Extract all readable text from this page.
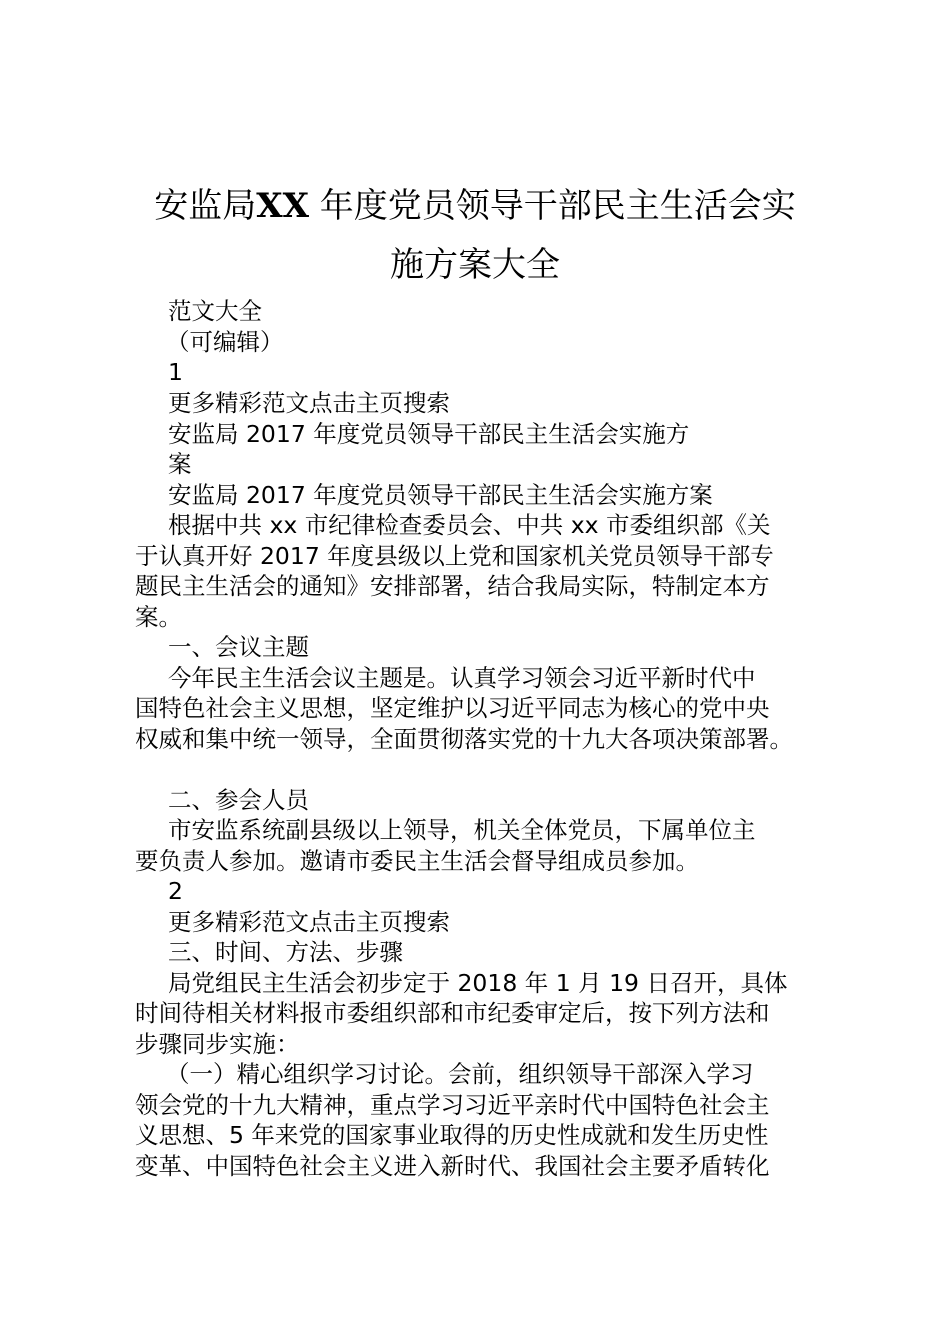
安监局XX 年度党员领导干部民主生活会实
施方案大全
范文大全
（可编辑）
1
更多精彩范文点击主页搜索
安监局 2017 年度党员领导干部民主生活会实施方
案
安监局 2017 年度党员领导干部民主生活会实施方案
根据中共 xx 市纪律检查委员会、中共 xx 市委组织部《关
于认真开好 2017 年度县级以上党和国家机关党员领导干部专
题民主生活会的通知》安排部署，结合我局实际，特制定本方
案。
一、会议主题
今年民主生活会议主题是。认真学习领会习近平新时代中
国特色社会主义思想，坚定维护以习近平同志为核心的党中央
权威和集中统一领导，全面贯彻落实党的十九大各项决策部署。
二、参会人员
市安监系统副县级以上领导，机关全体党员，下属单位主
要负责人参加。邀请市委民主生活会督导组成员参加。
2
更多精彩范文点击主页搜索
三、时间、方法、步骤
局党组民主生活会初步定于 2018 年 1 月 19 日召开，具体
时间待相关材料报市委组织部和市纪委审定后，按下列方法和
步骤同步实施：
（一）精心组织学习讨论。会前，组织领导干部深入学习
领会党的十九大精神，重点学习习近平亲时代中国特色社会主
义思想、5 年来党的国家事业取得的历史性成就和发生历史性
变革、中国特色社会主义进入新时代、我国社会主要矛盾转化
